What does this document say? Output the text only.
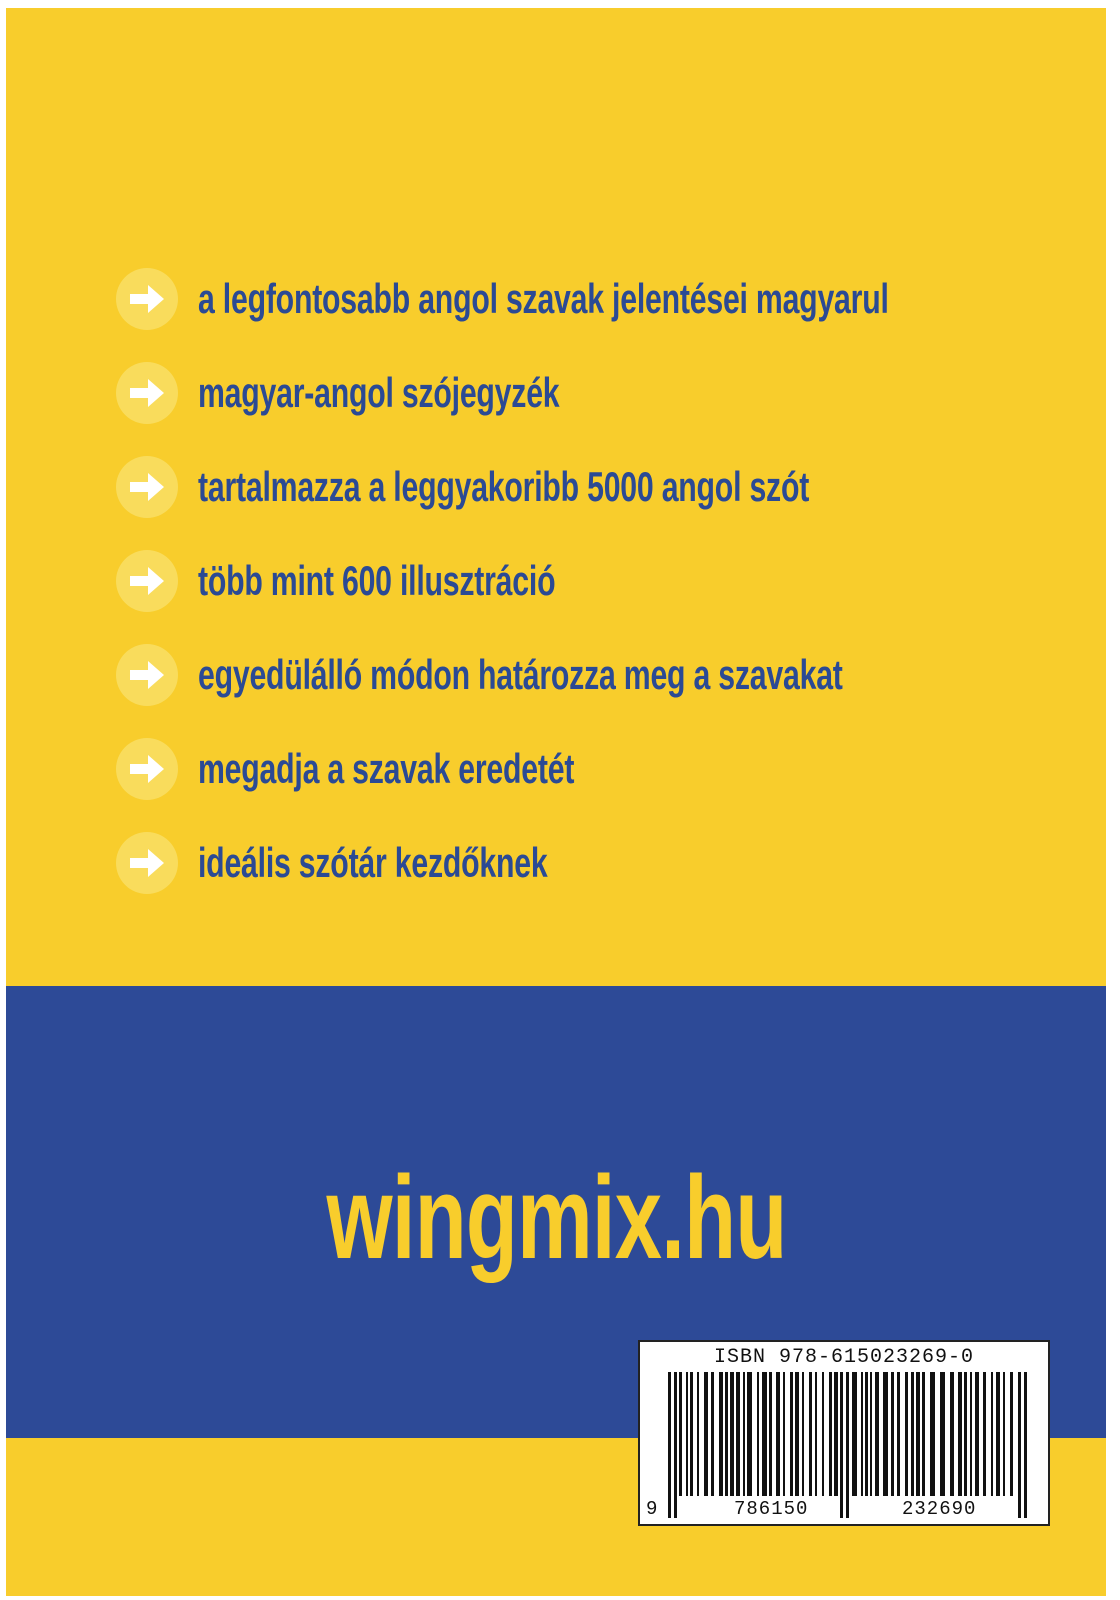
a legfontosabb angol szavak jelentései magyarul
magyar-angol szójegyzék
tartalmazza a leggyakoribb 5000 angol szót
több mint 600 illusztráció
egyedülálló módon határozza meg a szavakat
megadja a szavak eredetét
ideális szótár kezdőknek
wingmix.hu
ISBN 978-615023269-0
9	786150	232690
